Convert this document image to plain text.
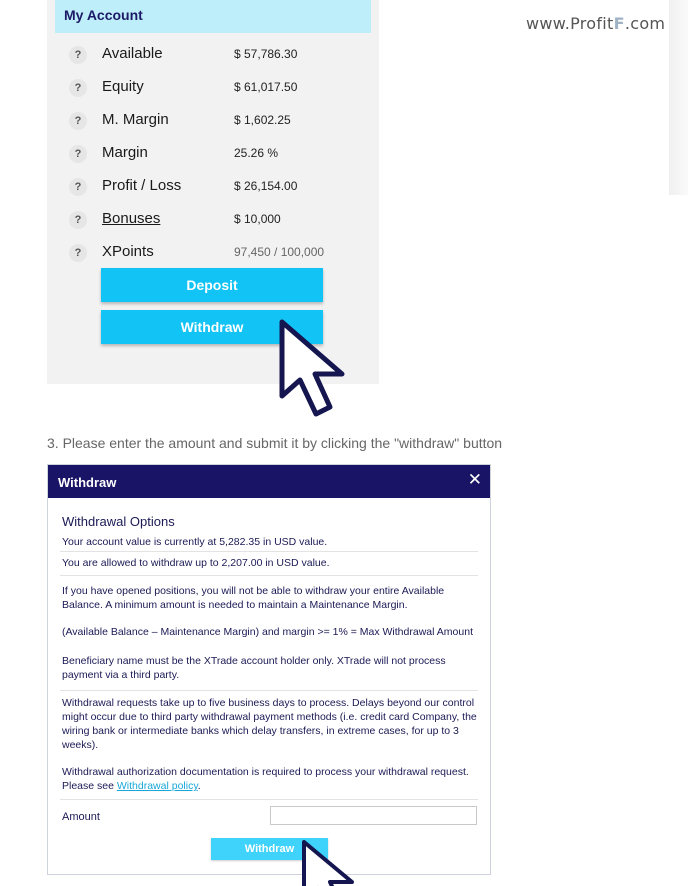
www.ProfitF.com
My Account
?	Available	$ 57,786.30
?	Equity	$ 61,017.50
?	M. Margin	$ 1,602.25
?	Margin	25.26 %
?	Profit / Loss	$ 26,154.00
?	Bonuses	$ 10,000
?	XPoints	97,450 / 100,000
Deposit
Withdraw
3. Please enter the amount and submit it by clicking the "withdraw" button
Withdraw	✕
Withdrawal Options
Your account value is currently at 5,282.35 in USD value.
You are allowed to withdraw up to 2,207.00 in USD value.
If you have opened positions, you will not be able to withdraw your entire Available Balance. A minimum amount is needed to maintain a Maintenance Margin.
(Available Balance – Maintenance Margin) and margin >= 1% = Max Withdrawal Amount
Beneficiary name must be the XTrade account holder only. XTrade will not process payment via a third party.
Withdrawal requests take up to five business days to process. Delays beyond our control might occur due to third party withdrawal payment methods (i.e. credit card Company, the wiring bank or intermediate banks which delay transfers, in extreme cases, for up to 3 weeks).
Withdrawal authorization documentation is required to process your withdrawal request.
Please see Withdrawal policy.
Amount
Withdraw
